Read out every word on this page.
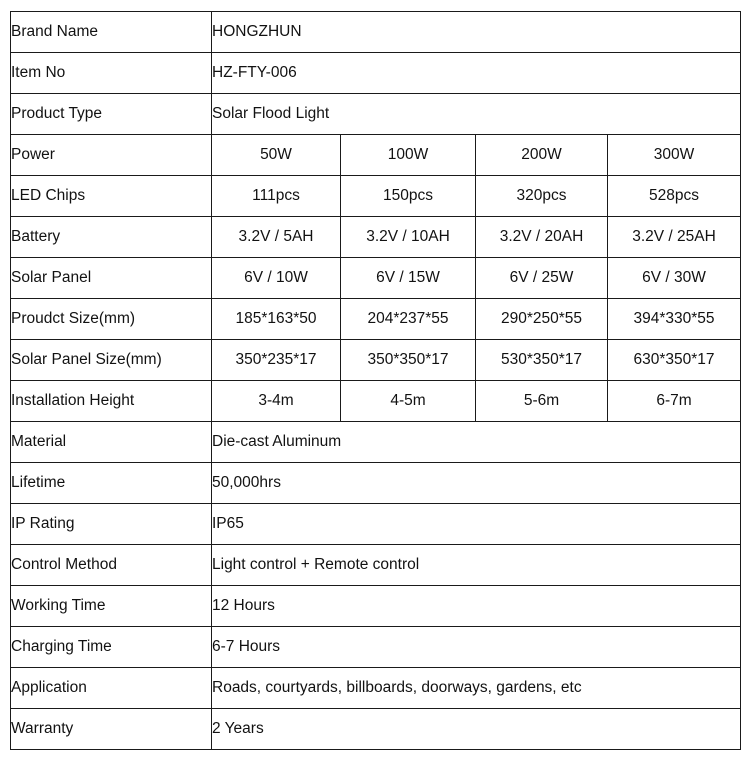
Brand Name	HONGZHUN			
Item No	HZ-FTY-006			
Product Type	Solar Flood Light			
Power	50W	100W	200W	300W
LED Chips	111pcs	150pcs	320pcs	528pcs
Battery	3.2V / 5AH	3.2V / 10AH	3.2V / 20AH	3.2V / 25AH
Solar Panel	6V / 10W	6V / 15W	6V / 25W	6V / 30W
Proudct Size(mm)	185*163*50	204*237*55	290*250*55	394*330*55
Solar Panel Size(mm)	350*235*17	350*350*17	530*350*17	630*350*17
Installation Height	3-4m	4-5m	5-6m	6-7m
Material	Die-cast Aluminum			
Lifetime	50,000hrs			
IP Rating	IP65			
Control Method	Light control + Remote control			
Working Time	12 Hours			
Charging Time	6-7 Hours			
Application	Roads, courtyards, billboards, doorways, gardens, etc			
Warranty	2 Years			
